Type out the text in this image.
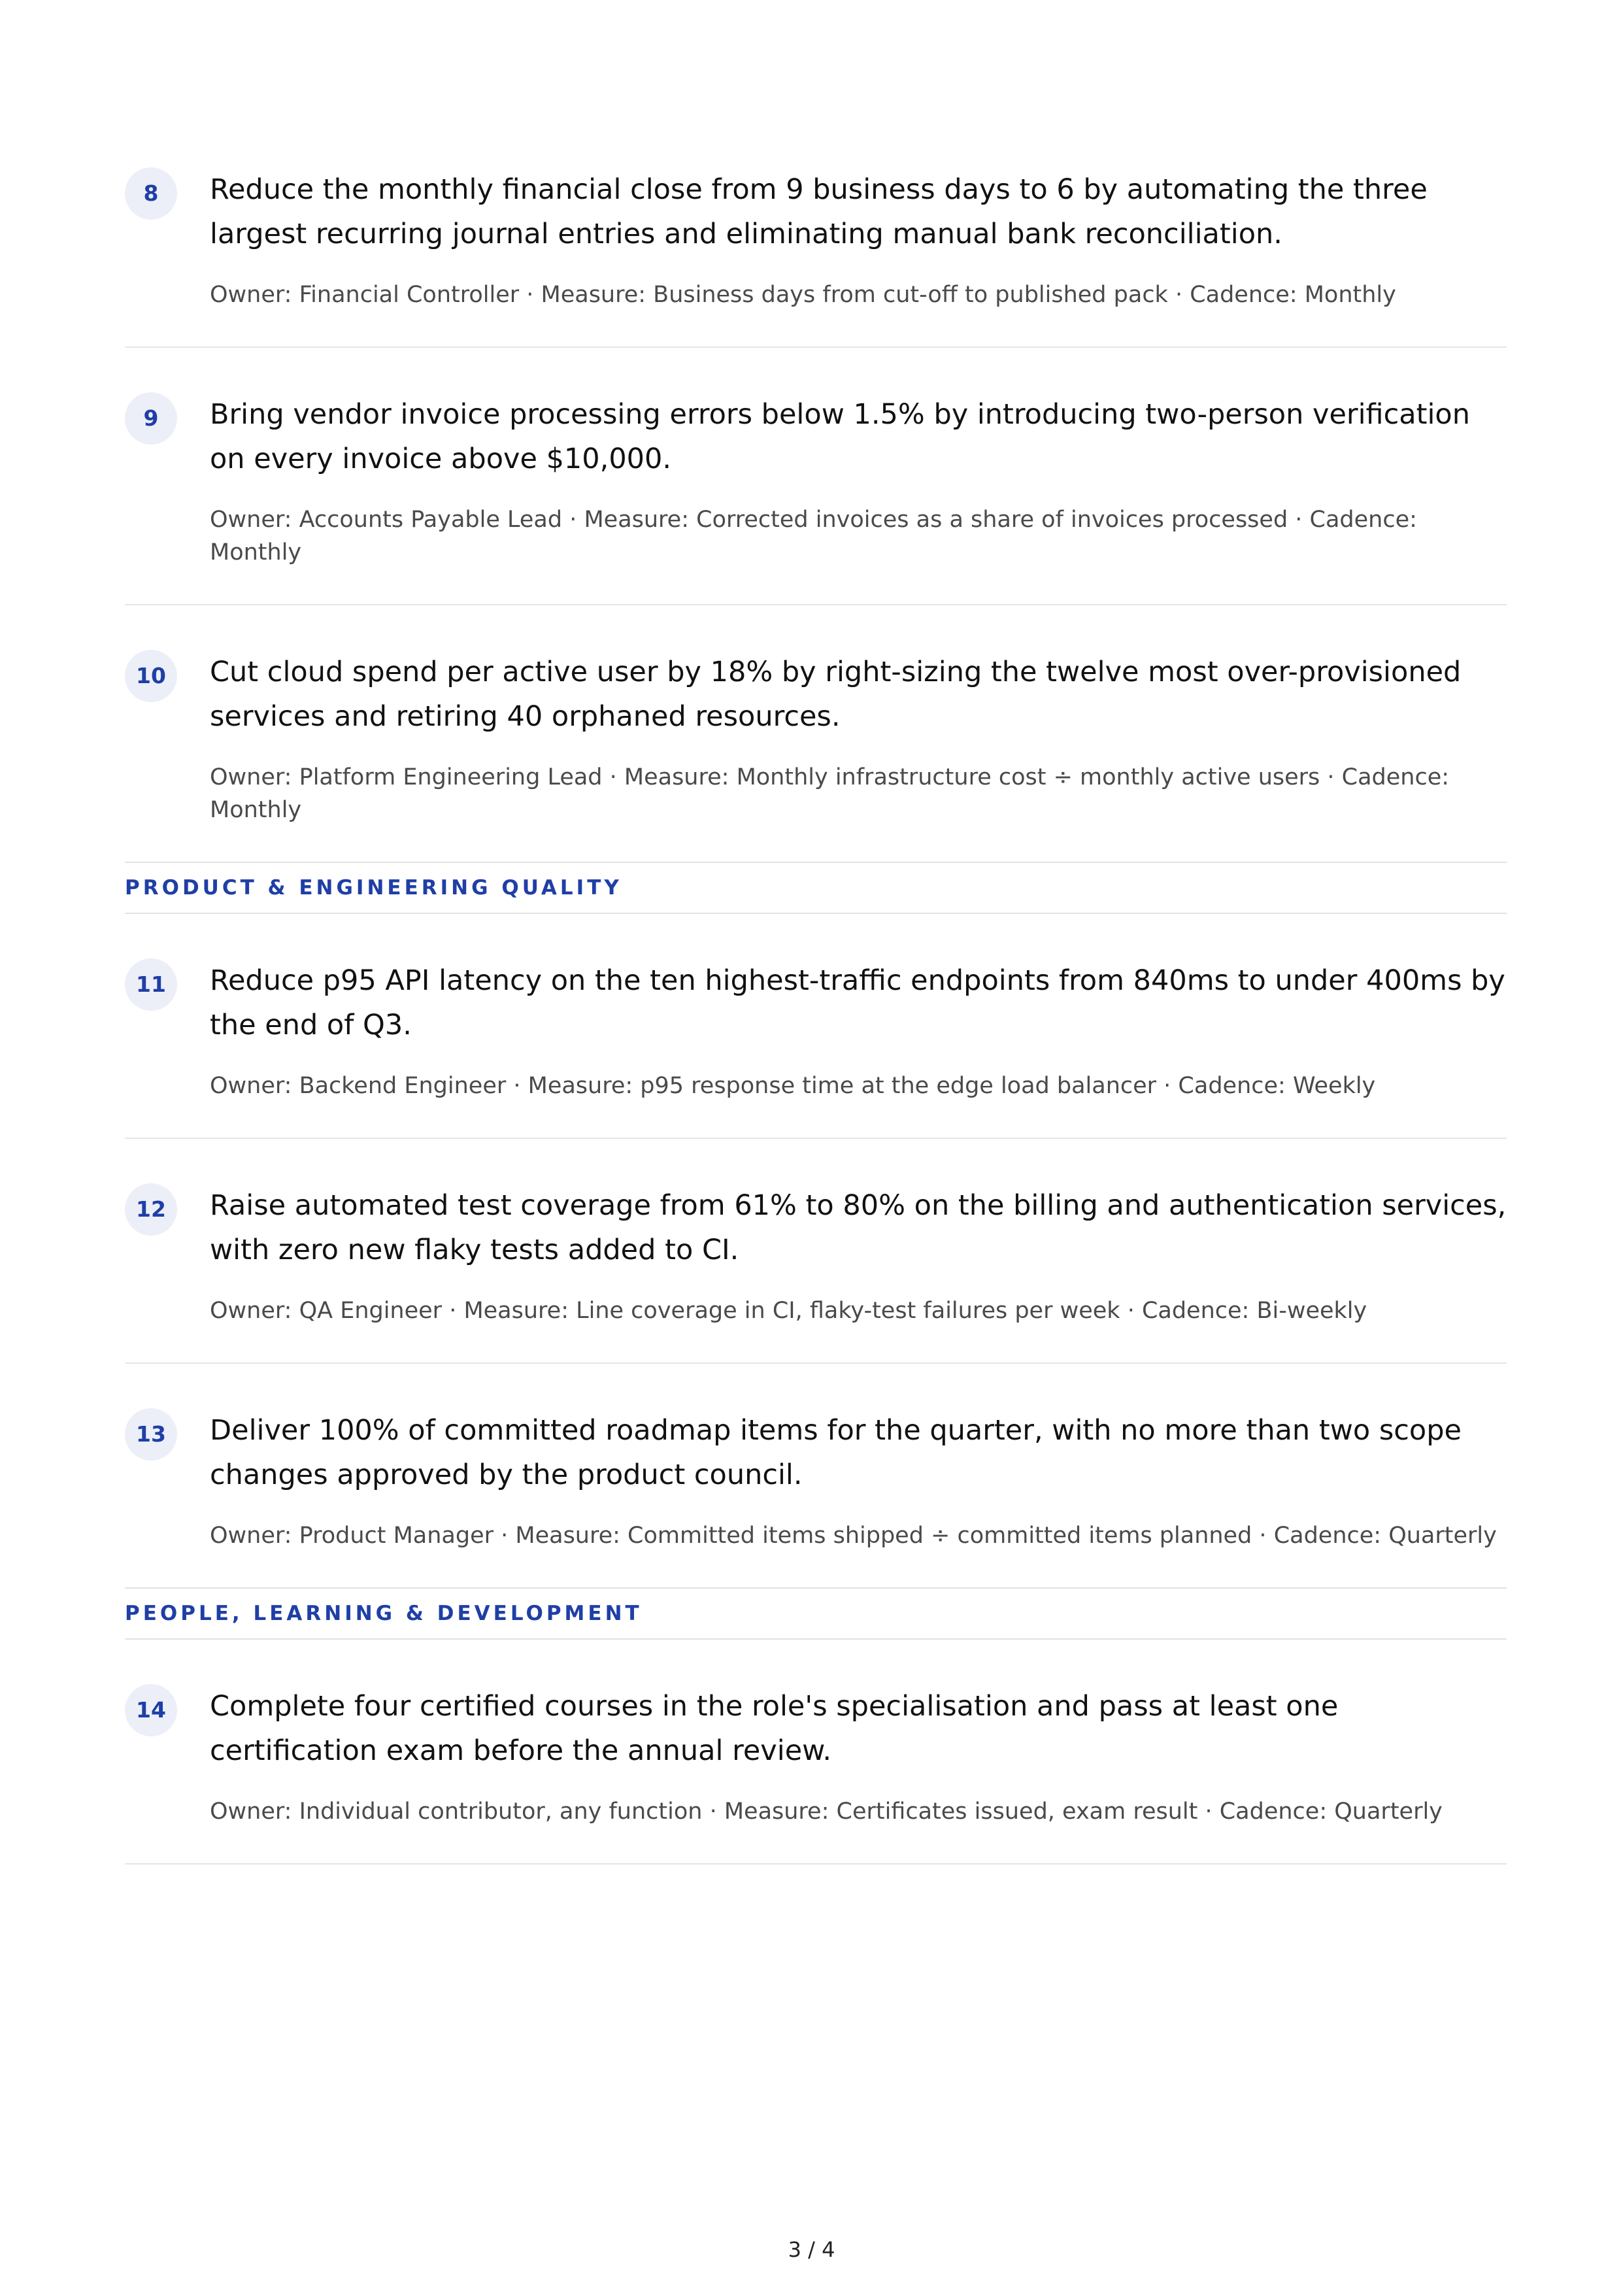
8	Reduce the monthly financial close from 9 business days to 6 by automating the three largest recurring journal entries and eliminating manual bank reconciliation.

Owner: Financial Controller · Measure: Business days from cut-off to published pack · Cadence: Monthly
9	Bring vendor invoice processing errors below 1.5% by introducing two-person verification on every invoice above $10,000.

Owner: Accounts Payable Lead · Measure: Corrected invoices as a share of invoices processed · Cadence: Monthly
10	Cut cloud spend per active user by 18% by right-sizing the twelve most over-provisioned services and retiring 40 orphaned resources.

Owner: Platform Engineering Lead · Measure: Monthly infrastructure cost ÷ monthly active users · Cadence: Monthly
PRODUCT & ENGINEERING QUALITY
11	Reduce p95 API latency on the ten highest-traffic endpoints from 840ms to under 400ms by the end of Q3.

Owner: Backend Engineer · Measure: p95 response time at the edge load balancer · Cadence: Weekly
12	Raise automated test coverage from 61% to 80% on the billing and authentication services, with zero new flaky tests added to CI.

Owner: QA Engineer · Measure: Line coverage in CI, flaky-test failures per week · Cadence: Bi-weekly
13	Deliver 100% of committed roadmap items for the quarter, with no more than two scope changes approved by the product council.

Owner: Product Manager · Measure: Committed items shipped ÷ committed items planned · Cadence: Quarterly
PEOPLE, LEARNING & DEVELOPMENT
14	Complete four certified courses in the role's specialisation and pass at least one certification exam before the annual review.

Owner: Individual contributor, any function · Measure: Certificates issued, exam result · Cadence: Quarterly
3 / 4
